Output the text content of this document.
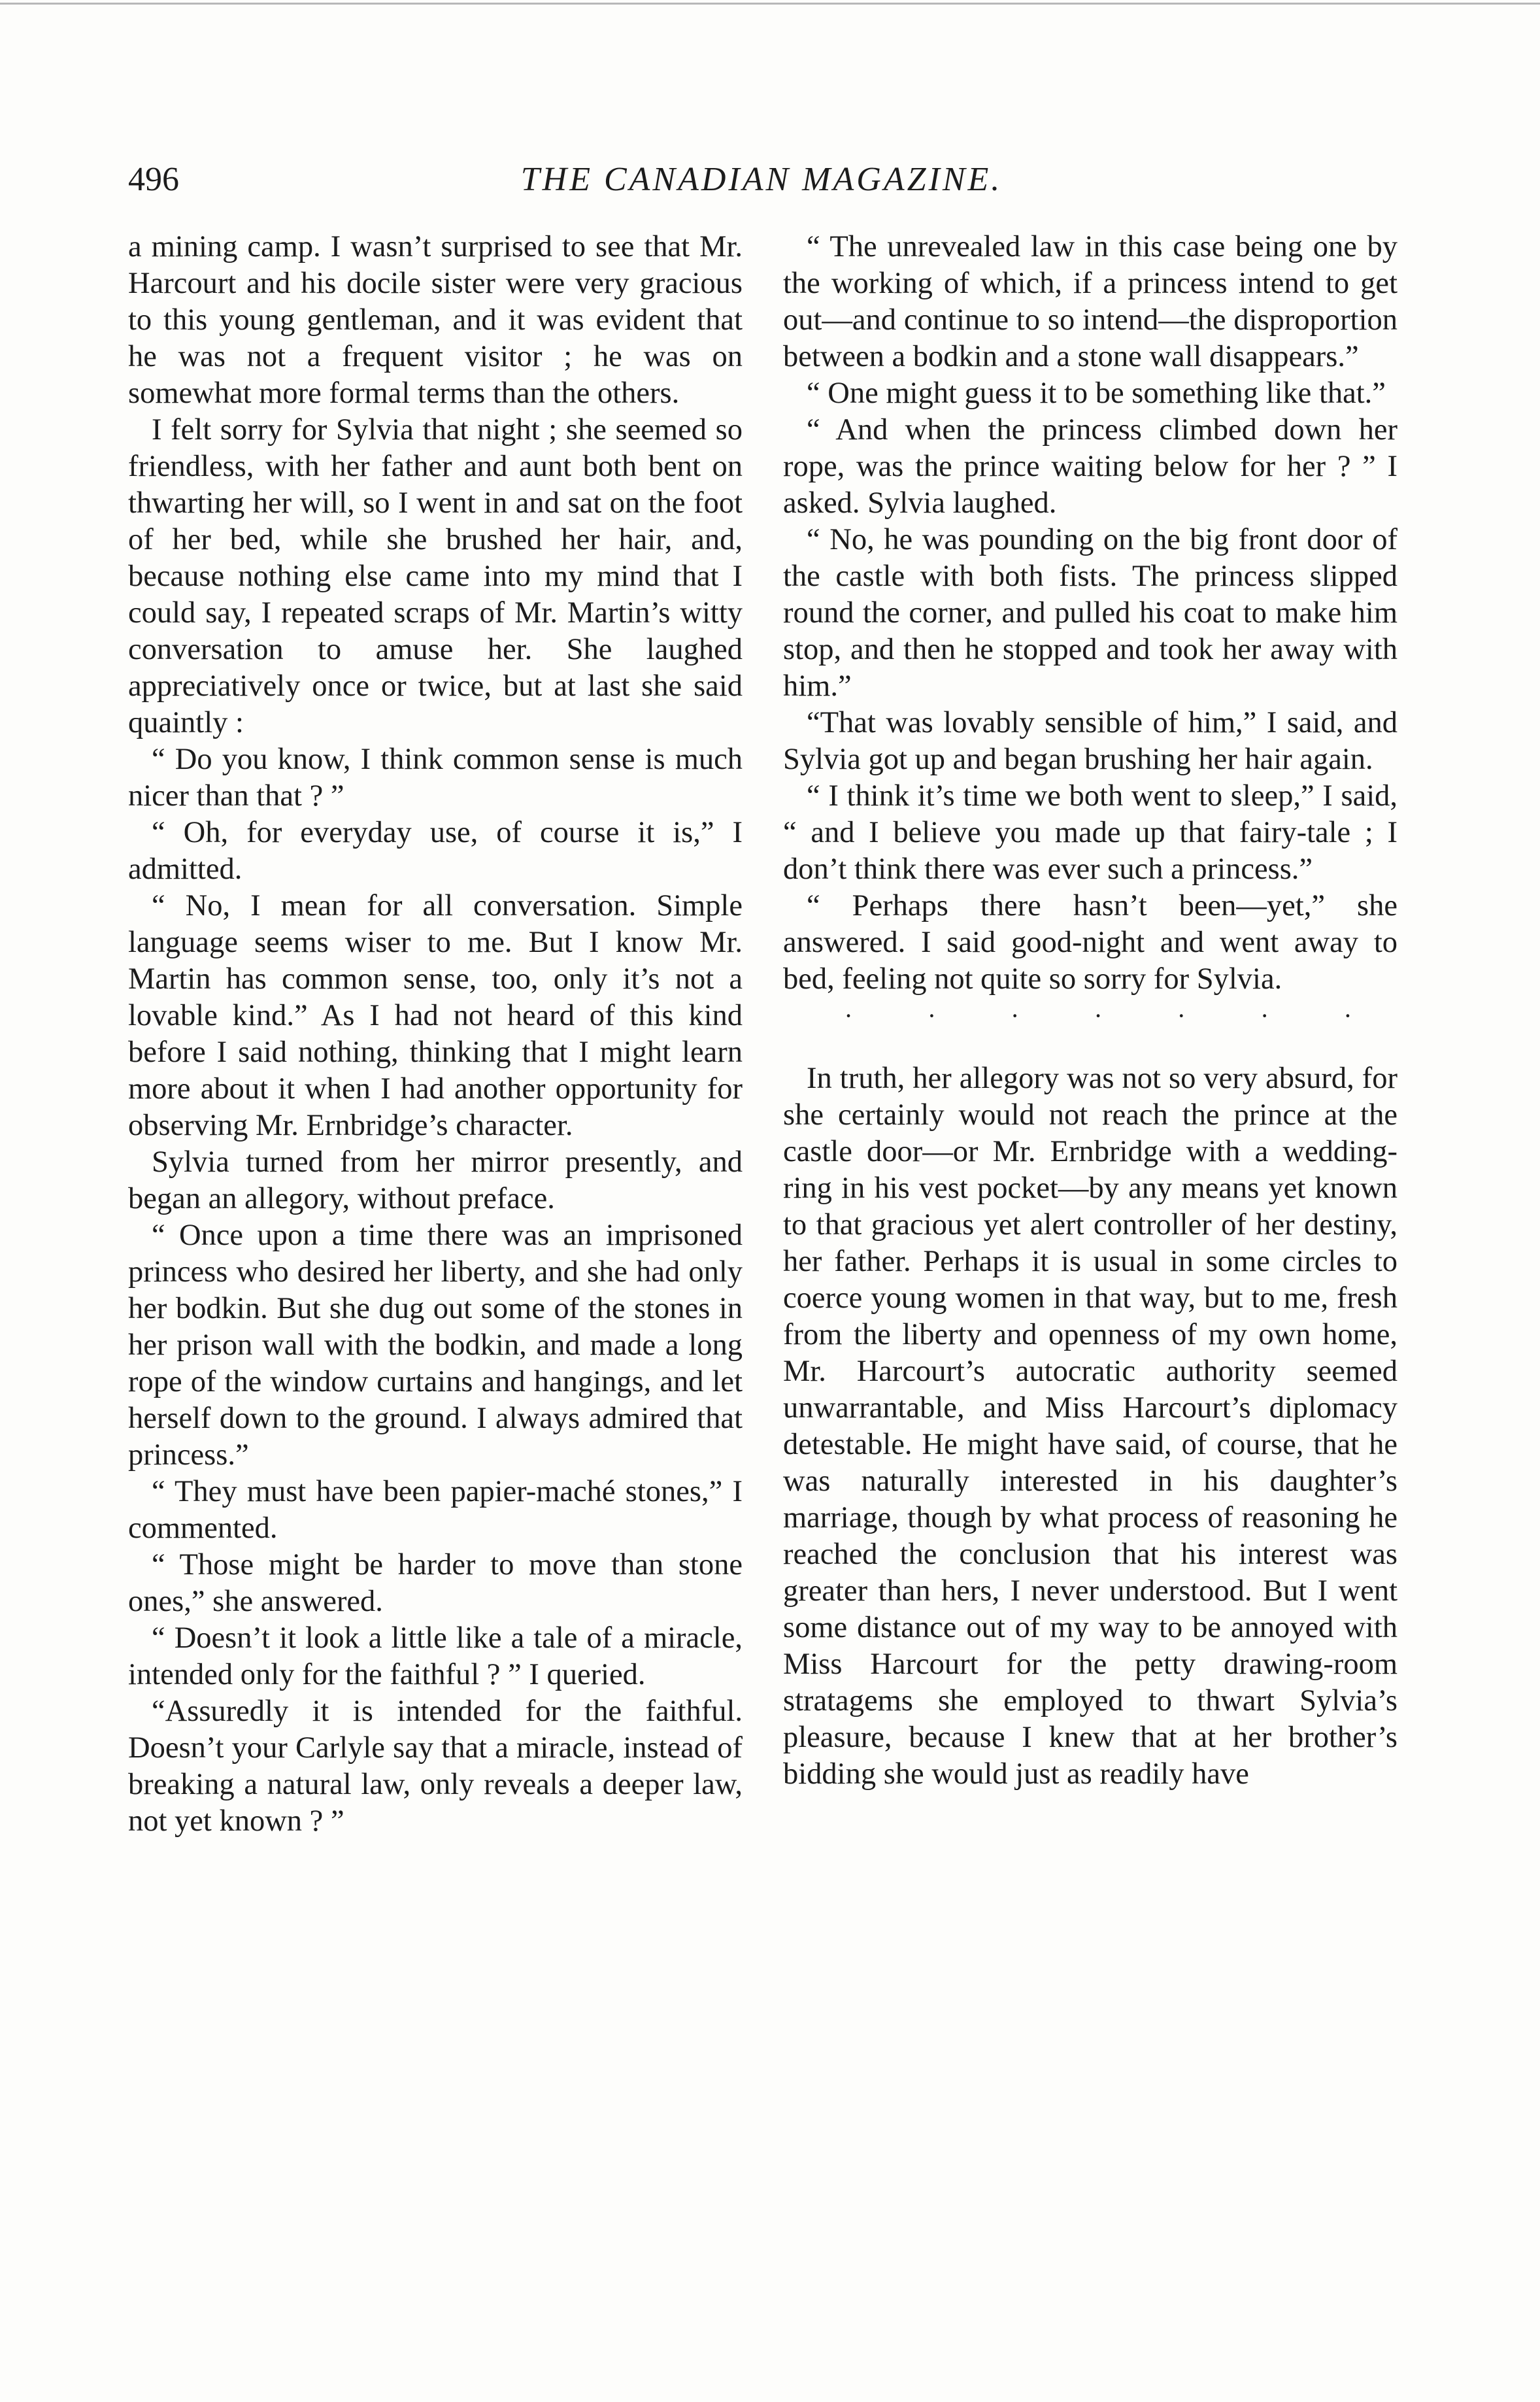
496	THE CANADIAN MAGAZINE.

a mining camp. I wasn’t surprised to see that Mr. Harcourt and his docile sister were very gracious to this young gentleman, and it was evident that he was not a frequent visitor ; he was on somewhat more formal terms than the others.

I felt sorry for Sylvia that night ; she seemed so friendless, with her father and aunt both bent on thwarting her will, so I went in and sat on the foot of her bed, while she brushed her hair, and, because nothing else came into my mind that I could say, I repeated scraps of Mr. Martin’s witty conversation to amuse her. She laughed appreciatively once or twice, but at last she said quaintly :

“ Do you know, I think common sense is much nicer than that ? ”

“ Oh, for everyday use, of course it is,” I admitted.

“ No, I mean for all conversation. Simple language seems wiser to me. But I know Mr. Martin has common sense, too, only it’s not a lovable kind.” As I had not heard of this kind before I said nothing, thinking that I might learn more about it when I had another opportunity for observing Mr. Ernbridge’s character.

Sylvia turned from her mirror presently, and began an allegory, without preface.

“ Once upon a time there was an imprisoned princess who desired her liberty, and she had only her bodkin. But she dug out some of the stones in her prison wall with the bodkin, and made a long rope of the window curtains and hangings, and let herself down to the ground. I always admired that princess.”

“ They must have been papier-maché stones,” I commented.

“ Those might be harder to move than stone ones,” she answered.

“ Doesn’t it look a little like a tale of a miracle, intended only for the faithful ? ” I queried.

“Assuredly it is intended for the faithful. Doesn’t your Carlyle say that a miracle, instead of breaking a natural law, only reveals a deeper law, not yet known ? ”

“ The unrevealed law in this case being one by the working of which, if a princess intend to get out—and continue to so intend—the disproportion between a bodkin and a stone wall disappears.”

“ One might guess it to be something like that.”

“ And when the princess climbed down her rope, was the prince waiting below for her ? ” I asked. Sylvia laughed.

“ No, he was pounding on the big front door of the castle with both fists. The princess slipped round the corner, and pulled his coat to make him stop, and then he stopped and took her away with him.”

“That was lovably sensible of him,” I said, and Sylvia got up and began brushing her hair again.

“ I think it’s time we both went to sleep,” I said, “ and I believe you made up that fairy-tale ; I don’t think there was ever such a princess.”

“ Perhaps there hasn’t been—yet,” she answered. I said good-night and went away to bed, feeling not quite so sorry for Sylvia.

· · · · · · ·

In truth, her allegory was not so very absurd, for she certainly would not reach the prince at the castle door—or Mr. Ernbridge with a wedding-ring in his vest pocket—by any means yet known to that gracious yet alert controller of her destiny, her father. Perhaps it is usual in some circles to coerce young women in that way, but to me, fresh from the liberty and openness of my own home, Mr. Harcourt’s autocratic authority seemed unwarrantable, and Miss Harcourt’s diplomacy detestable. He might have said, of course, that he was naturally interested in his daughter’s marriage, though by what process of reasoning he reached the conclusion that his interest was greater than hers, I never understood. But I went some distance out of my way to be annoyed with Miss Harcourt for the petty drawing-room stratagems she employed to thwart Sylvia’s pleasure, because I knew that at her brother’s bidding she would just as readily have
